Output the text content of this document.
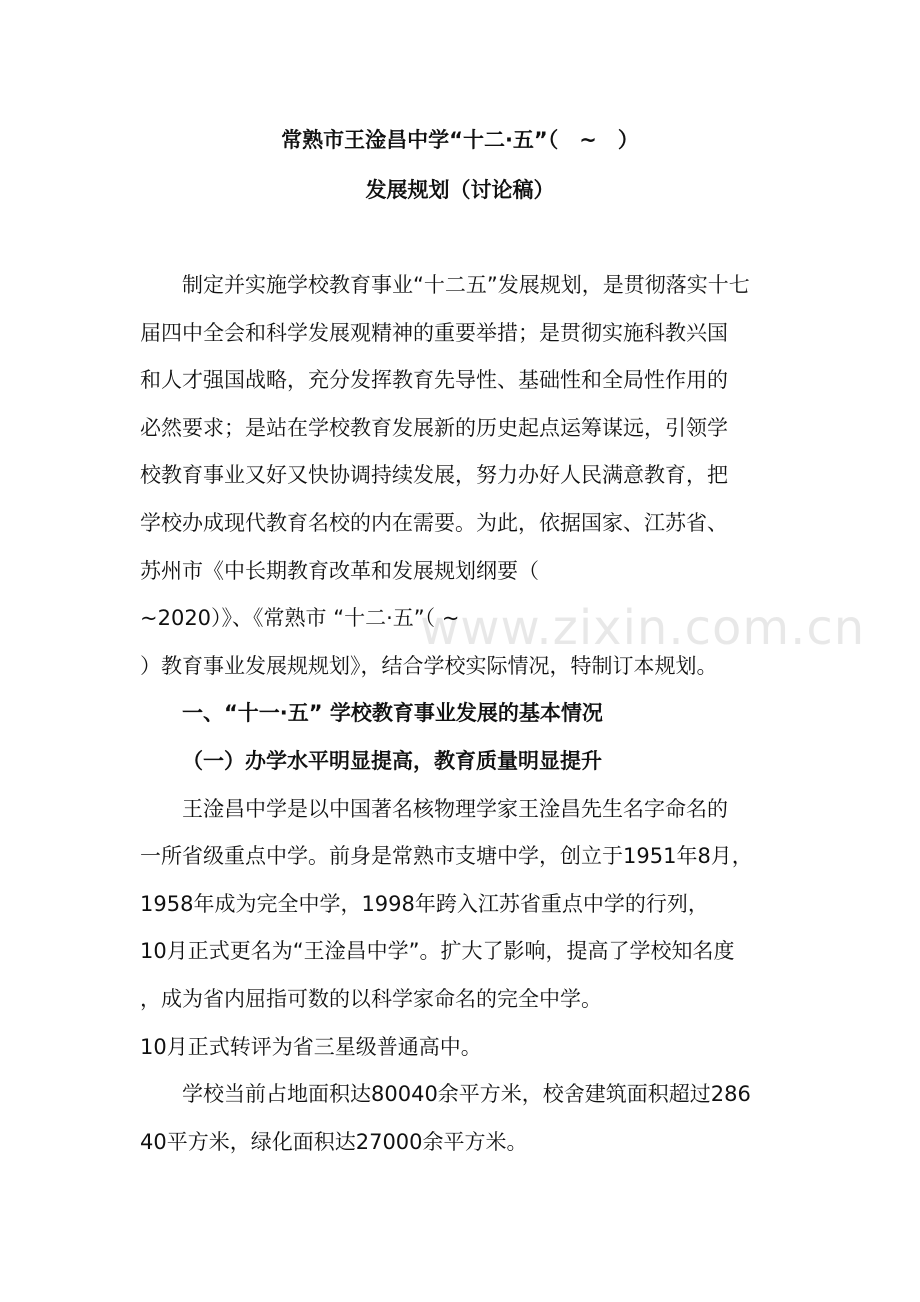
常熟市王淦昌中学“十二·五”（　~　）
发展规划（讨论稿）
制定并实施学校教育事业“十二五”发展规划，是贯彻落实十七
届四中全会和科学发展观精神的重要举措；是贯彻实施科教兴国
和人才强国战略，充分发挥教育先导性、基础性和全局性作用的
必然要求；是站在学校教育发展新的历史起点运筹谋远，引领学
校教育事业又好又快协调持续发展，努力办好人民满意教育，把
学校办成现代教育名校的内在需要。为此，依据国家、江苏省、
苏州市《中长期教育改革和发展规划纲要（
~2020）》、《常熟市 “十二·五”（ ~
）教育事业发展规规划》，结合学校实际情况，特制订本规划。
一、“十一·五” 学校教育事业发展的基本情况
（一）办学水平明显提高，教育质量明显提升
王淦昌中学是以中国著名核物理学家王淦昌先生名字命名的
一所省级重点中学。前身是常熟市支塘中学，创立于1951年8月，
1958年成为完全中学，1998年跨入江苏省重点中学的行列，
10月正式更名为“王淦昌中学”。扩大了影响，提高了学校知名度
，成为省内屈指可数的以科学家命名的完全中学。
10月正式转评为省三星级普通高中。
学校当前占地面积达80040余平方米，校舍建筑面积超过286
40平方米，绿化面积达27000余平方米。
www.zixin.com.cn
